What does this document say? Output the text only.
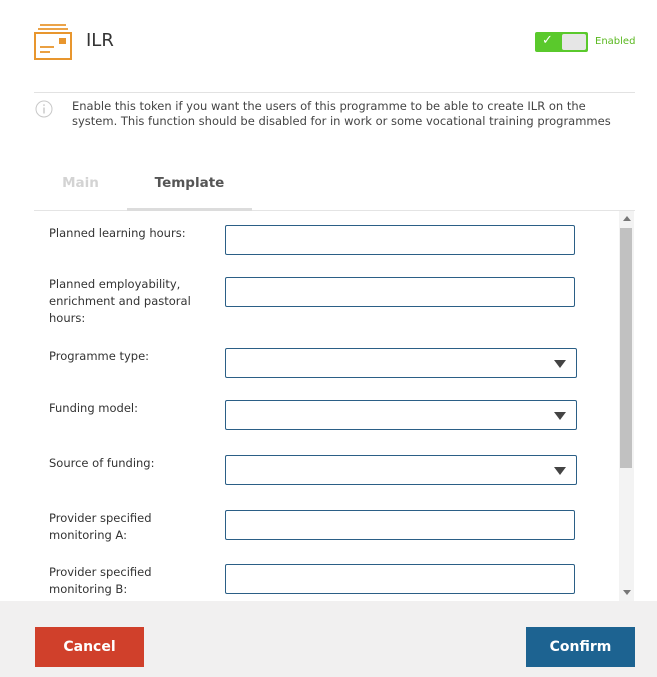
ILR	✓	Enabled
Enable this token if you want the users of this programme to be able to create ILR on the system. This function should be disabled for in work or some vocational training programmes
Main	Template
Planned learning hours:
Planned employability, enrichment and pastoral hours:
Programme type:
Funding model:
Source of funding:
Provider specified monitoring A:
Provider specified monitoring B:
Cancel	Confirm
